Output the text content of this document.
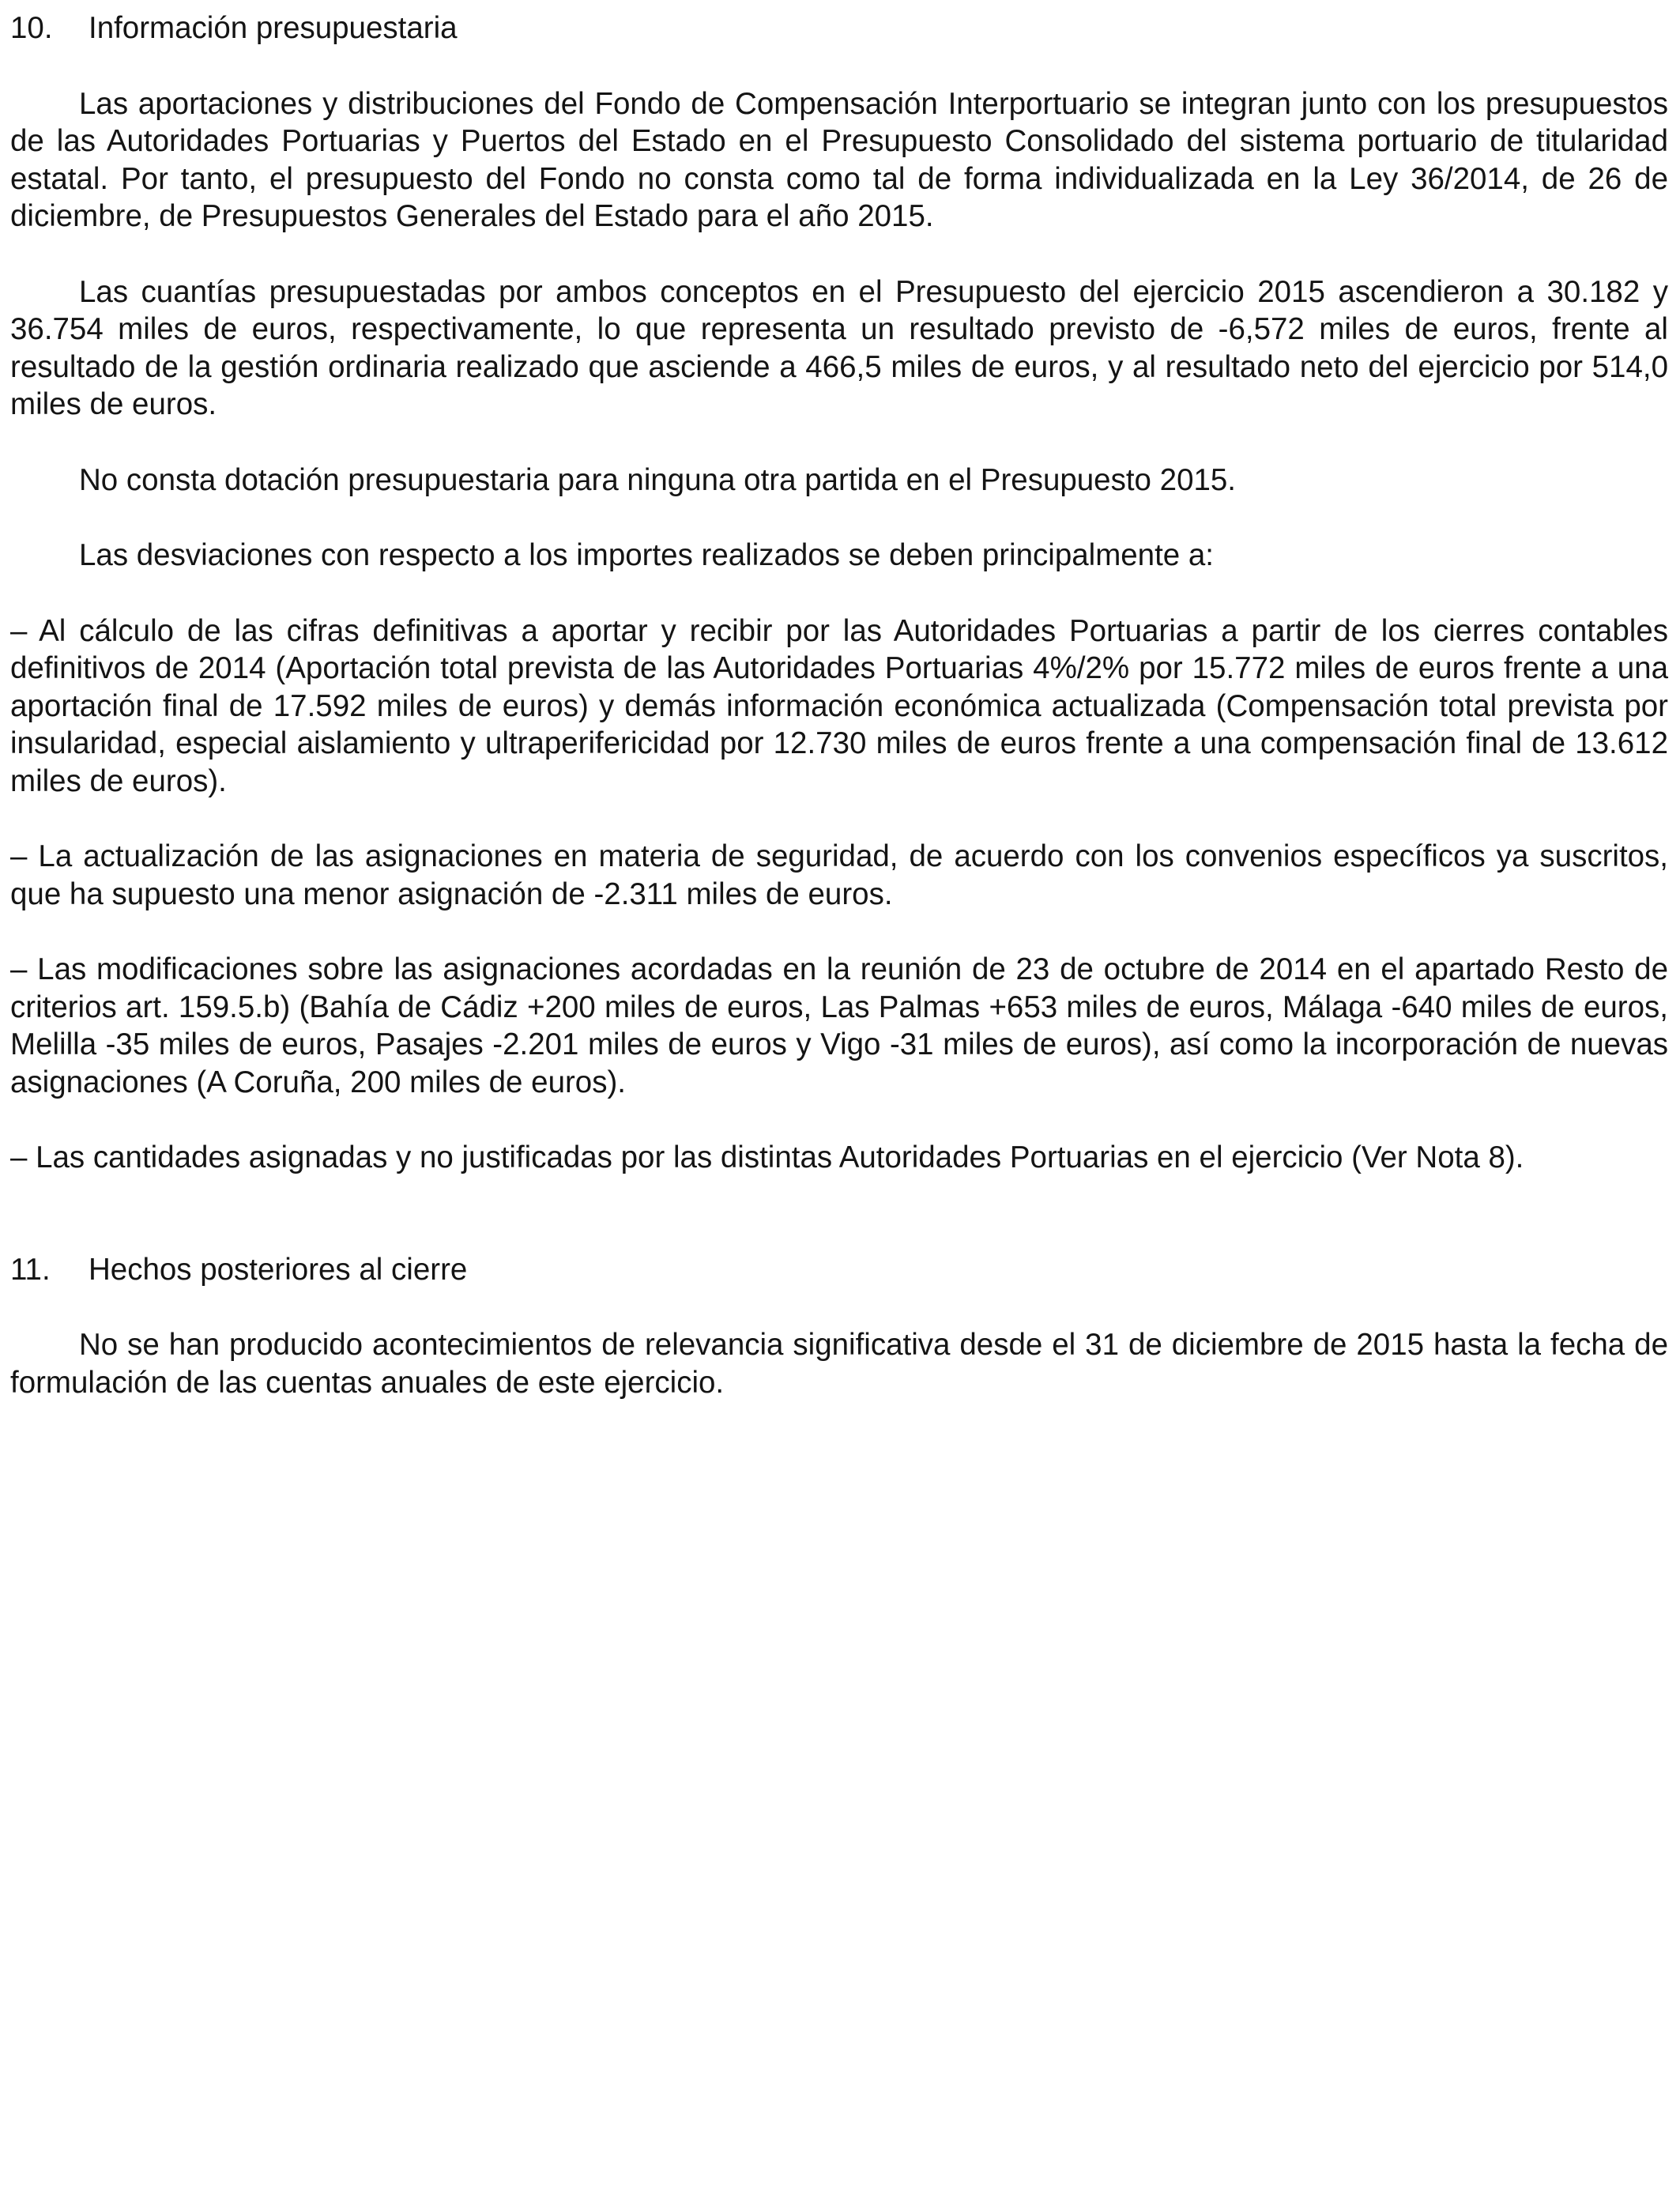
10.	Información presupuestaria

Las aportaciones y distribuciones del Fondo de Compensación Interportuario se integran junto con los presupuestos de las Autoridades Portuarias y Puertos del Estado en el Presupuesto Consolidado del sistema portuario de titularidad estatal. Por tanto, el presupuesto del Fondo no consta como tal de forma individualizada en la Ley 36/2014, de 26 de diciembre, de Presupuestos Generales del Estado para el año 2015.

Las cuantías presupuestadas por ambos conceptos en el Presupuesto del ejercicio 2015 ascendieron a 30.182 y 36.754 miles de euros, respectivamente, lo que representa un resultado previsto de -6,572 miles de euros, frente al resultado de la gestión ordinaria realizado que asciende a 466,5 miles de euros, y al resultado neto del ejercicio por 514,0 miles de euros.

No consta dotación presupuestaria para ninguna otra partida en el Presupuesto 2015.

Las desviaciones con respecto a los importes realizados se deben principalmente a:

– Al cálculo de las cifras definitivas a aportar y recibir por las Autoridades Portuarias a partir de los cierres contables definitivos de 2014 (Aportación total prevista de las Autoridades Portuarias 4%/2% por 15.772 miles de euros frente a una aportación final de 17.592 miles de euros) y demás información económica actualizada (Compensación total prevista por insularidad, especial aislamiento y ultraperifericidad por 12.730 miles de euros frente a una compensación final de 13.612 miles de euros).

– La actualización de las asignaciones en materia de seguridad, de acuerdo con los convenios específicos ya suscritos, que ha supuesto una menor asignación de -2.311 miles de euros.

– Las modificaciones sobre las asignaciones acordadas en la reunión de 23 de octubre de 2014 en el apartado Resto de criterios art. 159.5.b) (Bahía de Cádiz +200 miles de euros, Las Palmas +653 miles de euros, Málaga -640 miles de euros, Melilla -35 miles de euros, Pasajes -2.201 miles de euros y Vigo -31 miles de euros), así como la incorporación de nuevas asignaciones (A Coruña, 200 miles de euros).

– Las cantidades asignadas y no justificadas por las distintas Autoridades Portuarias en el ejercicio (Ver Nota 8).

11.	Hechos posteriores al cierre

No se han producido acontecimientos de relevancia significativa desde el 31 de diciembre de 2015 hasta la fecha de formulación de las cuentas anuales de este ejercicio.
